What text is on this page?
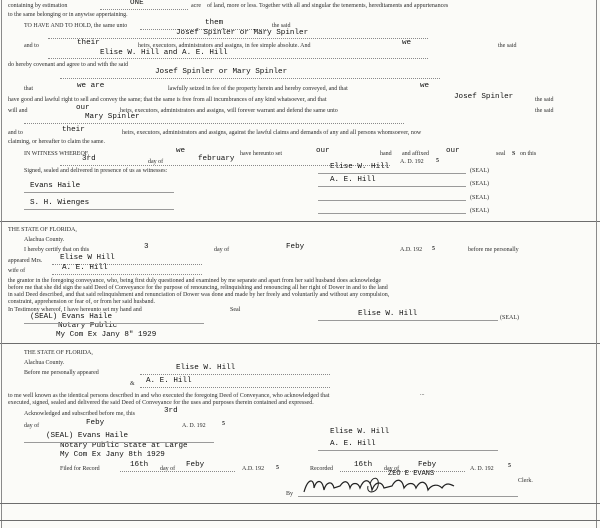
containing by estimation	ONE	acre of land, more or less. Together with all and singular the tenements, hereditaments and appurtenances
to the same belonging or in anywise appertaining.
TO HAVE AND TO HOLD, the same unto	them	the said
Josef Spinler or Mary Spinler
and to	their	heirs, executors, administrators and assigns, in fee simple absolute. And	we	the said
Elise W. Hill and A. E. Hill
do hereby covenant and agree to and with the said
Josef Spinler or Mary Spinler
that	we are	lawfully seized in fee of the property herein and hereby conveyed, and that	we
have good and lawful right to sell and convey the same; that the same is free from all incumbrances of any kind whatsoever, and that	the said
Josef Spinler
will and	our	heirs, executors, administrators and assigns, will forever warrant and defend the same unto	the said
Mary Spinler
and to	their	heirs, executors, administrators and assigns, against the lawful claims and demands of any and all persons whomsoever, now
claiming, or hereafter to claim the same.
IN WITNESS WHEREOF,	we	have hereunto set	our	hand and affixed our	seal S on this
3rd	day of	february	A. D. 192 5
Signed, sealed and delivered in presence of us as witnesses:	Elise W. Hill	(SEAL)
A. E. Hill	(SEAL)
(SEAL)
(SEAL)
Evans Haile
S. H. Wienges
THE STATE OF FLORIDA,
Alachua County.
I hereby certify that on this	3	day of	Feby	A.D. 192 5	before me personally
appeared Mrs. Elise W Hill
wife of	A. E. Hill
the grantor in the foregoing conveyance, who, being first duly questioned and examined by me separate and apart from her said husband does acknowledge
before me that she did sign the said Deed of Conveyance for the purpose of renouncing, relinquishing and renouncing all her right of Dower in and to the land
in said Deed described, and that said relinquishment and renunciation of Dower was done and made by her freely and voluntarily and without any compulsion,
constraint, apprehension or fear of, or from her said husband.
In Testimony whereof, I have hereunto set my hand and	Seal
(SEAL) Evans Haile
Notary Public
My Com Ex Jany 8" 1929
Elise W. Hill	(SEAL)
THE STATE OF FLORIDA,
Alachua County.
Before me personally appeared
Elise W. Hill
& A. E. Hill
to me well known as the identical persons described in and who executed the foregoing Deed of Conveyance, who acknowledged that	...
executed, signed, sealed and delivered the said Deed of Conveyance for the uses and purposes therein contained and expressed.
Acknowledged and subscribed before me, this	3rd
day of	Feby	A. D. 192	5
(SEAL) Evans Haile
Notary Public State at Large
My Com Ex Jany 8th 1929
Elise W. Hill
A. E. Hill
Filed for Record	16th day of Feby	A.D. 192 5	Recorded	16th day of Feby	A. D. 192 5
ZEO E EVANS
Clerk.
By
